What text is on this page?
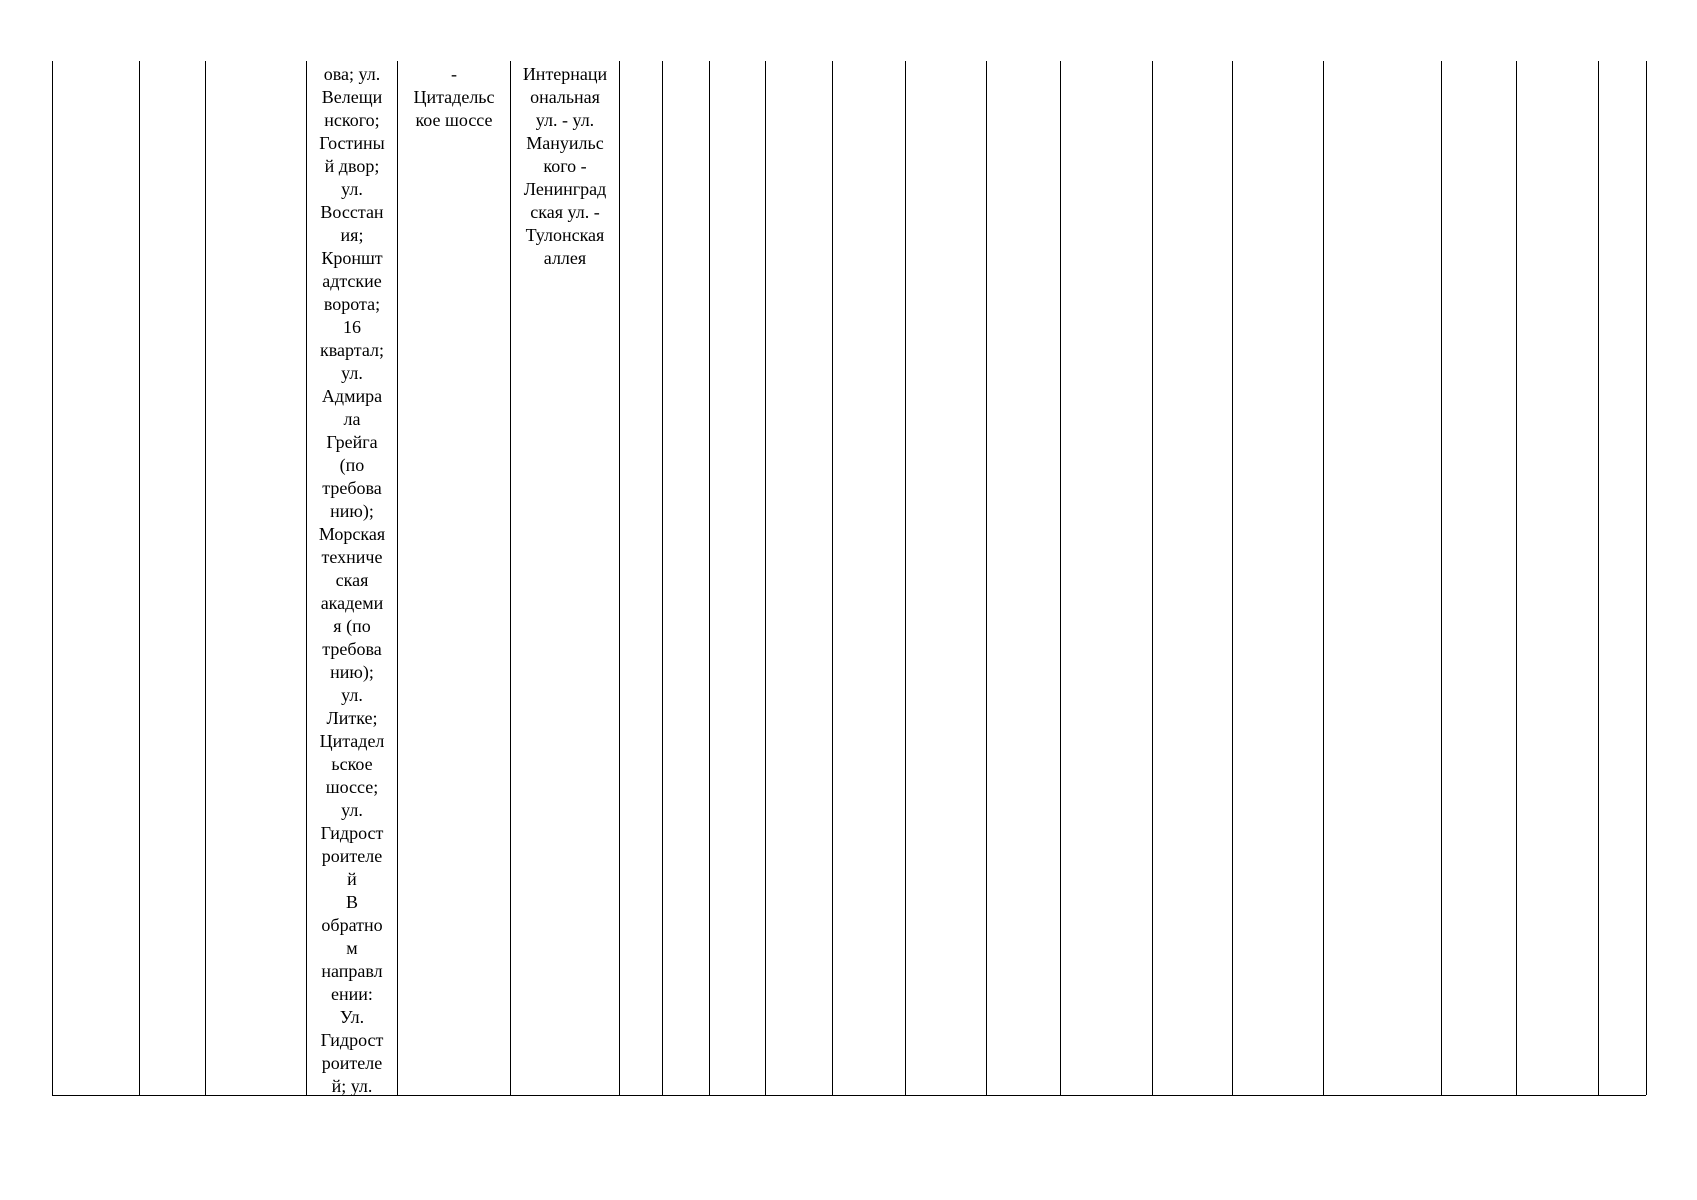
ова; ул.
Велещи
нского;
Гостины
й двор;
ул.
Восстан
ия;
Кроншт
адтские
ворота;
16
квартал;
ул.
Адмира
ла
Грейга
(по
требова
нию);
Морская
техниче
ская
академи
я (по
требова
нию);
ул.
Литке;
Цитадел
ьское
шоссе;
ул.
Гидрост
роителе
й
В
обратно
м
направл
ении:
Ул.
Гидрост
роителе
й; ул.
-
Цитадельс
кое шоссе
Интернаци
ональная
ул. - ул.
Мануильс
кого -
Ленинград
ская ул. -
Тулонская
аллея
